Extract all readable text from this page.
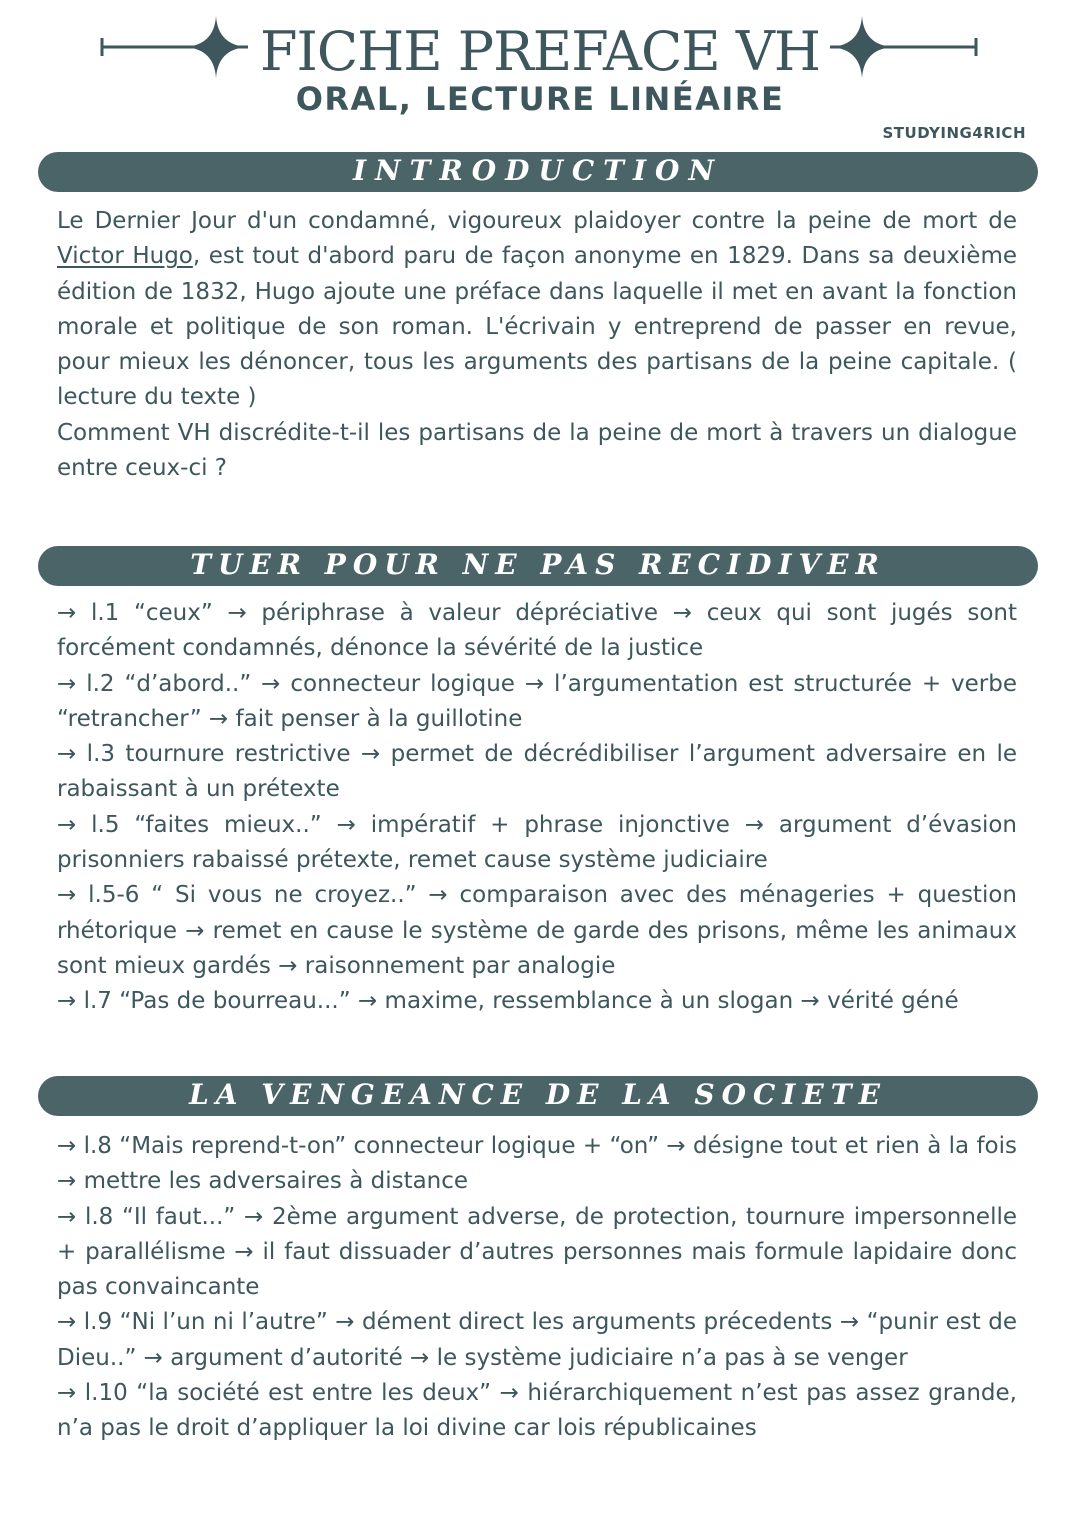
FICHE PREFACE VH
ORAL, LECTURE LINÉAIRE
STUDYING4RICH
INTRODUCTION

Le Dernier Jour d'un condamné, vigoureux plaidoyer contre la peine de mort de Victor Hugo, est tout d'abord paru de façon anonyme en 1829. Dans sa deuxième édition de 1832, Hugo ajoute une préface dans laquelle il met en avant la fonction morale et politique de son roman. L'écrivain y entreprend de passer en revue, pour mieux les dénoncer, tous les arguments des partisans de la peine capitale. ( lecture du texte )

Comment VH discrédite-t-il les partisans de la peine de mort à travers un dialogue entre ceux-ci ?

TUER POUR NE PAS RECIDIVER

→ l.1 “ceux” → périphrase à valeur dépréciative → ceux qui sont jugés sont forcément condamnés, dénonce la sévérité de la justice

→ l.2 “d’abord..” → connecteur logique → l’argumentation est structurée + verbe “retrancher” → fait penser à la guillotine

→ l.3 tournure restrictive → permet de décrédibiliser l’argument adversaire en le rabaissant à un prétexte

→ l.5 “faites mieux..” → impératif + phrase injonctive → argument d’évasion prisonniers rabaissé prétexte, remet cause système judiciaire

→ l.5-6 “ Si vous ne croyez..” → comparaison avec des ménageries + question rhétorique → remet en cause le système de garde des prisons, même les animaux sont mieux gardés → raisonnement par analogie

→ l.7 “Pas de bourreau...” → maxime, ressemblance à un slogan → vérité géné

LA VENGEANCE DE LA SOCIETE

→ l.8 “Mais reprend-t-on” connecteur logique + “on” → désigne tout et rien à la fois → mettre les adversaires à distance

→ l.8 “Il faut...” → 2ème argument adverse, de protection, tournure impersonnelle + parallélisme → il faut dissuader d’autres personnes mais formule lapidaire donc pas convaincante

→ l.9 “Ni l’un ni l’autre” → dément direct les arguments précedents → “punir est de Dieu..” → argument d’autorité → le système judiciaire n’a pas à se venger

→ l.10 “la société est entre les deux” → hiérarchiquement n’est pas assez grande, n’a pas le droit d’appliquer la loi divine car lois républicaines
